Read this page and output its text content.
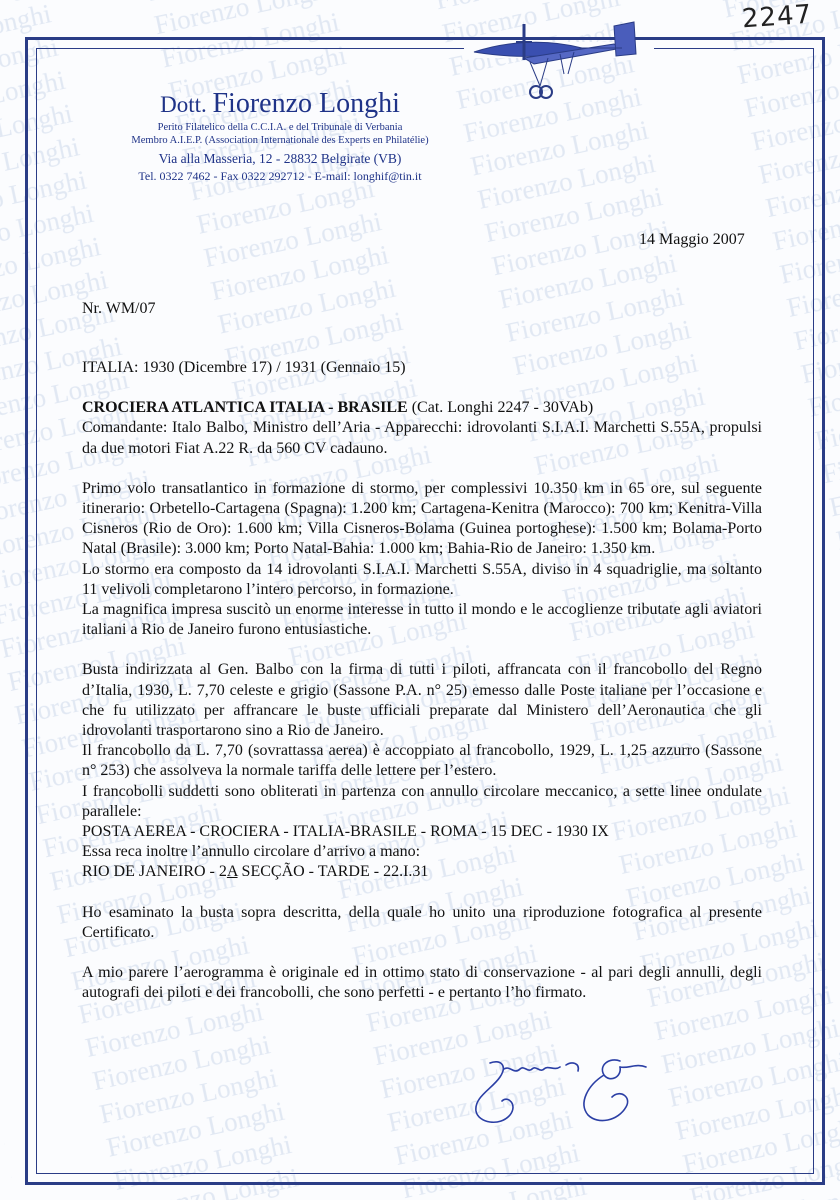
2247
Dott. Fiorenzo Longhi
Perito Filatelico della C.C.I.A. e del Tribunale di Verbania
Membro A.I.E.P. (Association Internationale des Experts en Philatélie)
Via alla Masseria, 12 - 28832 Belgirate (VB)
Tel. 0322 7462 - Fax 0322 292712 - E-mail: longhif@tin.it
14 Maggio 2007
Nr. WM/07

ITALIA: 1930 (Dicembre 17) / 1931 (Gennaio 15)

CROCIERA ATLANTICA ITALIA - BRASILE (Cat. Longhi 2247 - 30VAb)

Comandante: Italo Balbo, Ministro dell’Aria - Apparecchi: idrovolanti S.I.A.I. Marchetti S.55A, propulsi da due motori Fiat A.22 R. da 560 CV cadauno.

Primo volo transatlantico in formazione di stormo, per complessivi 10.350 km in 65 ore, sul seguente itinerario: Orbetello-Cartagena (Spagna): 1.200 km; Cartagena-Kenitra (Marocco): 700 km; Kenitra-Villa Cisneros (Rio de Oro): 1.600 km; Villa Cisneros-Bolama (Guinea portoghese): 1.500 km; Bolama-Porto Natal (Brasile): 3.000 km; Porto Natal-Bahia: 1.000 km; Bahia-Rio de Janeiro: 1.350 km.

Lo stormo era composto da 14 idrovolanti S.I.A.I. Marchetti S.55A, diviso in 4 squadriglie, ma soltanto 11 velivoli completarono l’intero percorso, in formazione.

La magnifica impresa suscitò un enorme interesse in tutto il mondo e le accoglienze tributate agli aviatori italiani a Rio de Janeiro furono entusiastiche.

Busta indirizzata al Gen. Balbo con la firma di tutti i piloti, affrancata con il francobollo del Regno d’Italia, 1930, L. 7,70 celeste e grigio (Sassone P.A. n° 25) emesso dalle Poste italiane per l’occasione e che fu utilizzato per affrancare le buste ufficiali preparate dal Ministero dell’Aeronautica che gli idrovolanti trasportarono sino a Rio de Janeiro.

Il francobollo da L. 7,70 (sovrattassa aerea) è accoppiato al francobollo, 1929, L. 1,25 azzurro (Sassone n° 253) che assolveva la normale tariffa delle lettere per l’estero.

I francobolli suddetti sono obliterati in partenza con annullo circolare meccanico, a sette linee ondulate parallele:

POSTA AEREA - CROCIERA - ITALIA-BRASILE - ROMA - 15 DEC - 1930 IX

Essa reca inoltre l’annullo circolare d’arrivo a mano:

RIO DE JANEIRO - 2A SECÇÃO - TARDE - 22.I.31

Ho esaminato la busta sopra descritta, della quale ho unito una riproduzione fotografica al presente Certificato.

A mio parere l’aerogramma è originale ed in ottimo stato di conservazione - al pari degli annulli, degli autografi dei piloti e dei francobolli, che sono perfetti - e pertanto l’ho firmato.
